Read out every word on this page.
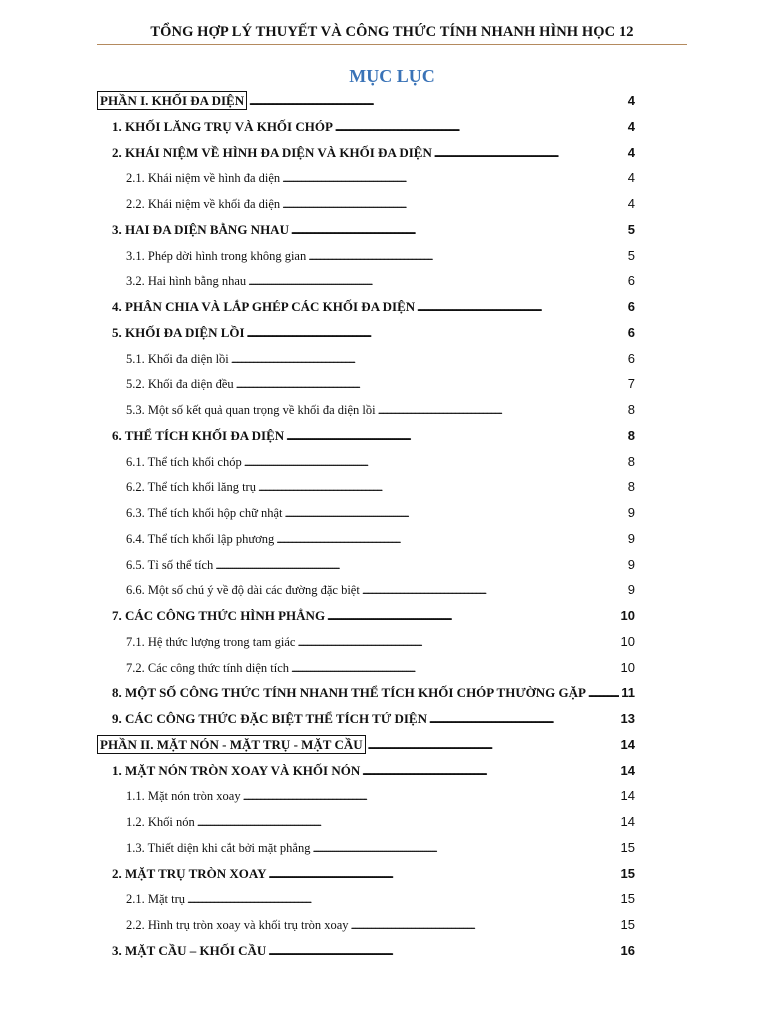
TỔNG HỢP LÝ THUYẾT VÀ CÔNG THỨC TÍNH NHANH HÌNH HỌC 12
MỤC LỤC
PHẦN I. KHỐI ĐA DIỆN . . .	4
1. KHỐI LĂNG TRỤ VÀ KHỐI CHÓP . . .	4
2. KHÁI NIỆM VỀ HÌNH ĐA DIỆN VÀ KHỐI ĐA DIỆN . . .	4
2.1. Khái niệm về hình đa diện . . .	4
2.2. Khái niệm về khối đa diện . . .	4
3. HAI ĐA DIỆN BẰNG NHAU . . .	5
3.1. Phép dời hình trong không gian . . .	5
3.2. Hai hình bằng nhau . . .	6
4. PHÂN CHIA VÀ LẮP GHÉP CÁC KHỐI ĐA DIỆN . . .	6
5. KHỐI ĐA DIỆN LỒI . . .	6
5.1. Khối đa diện lồi . . .	6
5.2. Khối đa diện đều . . .	7
5.3. Một số kết quả quan trọng về khối đa diện lồi . . .	8
6. THỂ TÍCH KHỐI ĐA DIỆN . . .	8
6.1. Thể tích khối chóp . . .	8
6.2. Thể tích khối lăng trụ . . .	8
6.3. Thể tích khối hộp chữ nhật . . .	9
6.4. Thể tích khối lập phương . . .	9
6.5. Tỉ số thể tích . . .	9
6.6. Một số chú ý về độ dài các đường đặc biệt . . .	9
7. CÁC CÔNG THỨC HÌNH PHẲNG . . .	10
7.1. Hệ thức lượng trong tam giác . . .	10
7.2. Các công thức tính diện tích . . .	10
8. MỘT SỐ CÔNG THỨC TÍNH NHANH THỂ TÍCH KHỐI CHÓP THƯỜNG GẶP . . .	11
9. CÁC CÔNG THỨC ĐẶC BIỆT THỂ TÍCH TỨ DIỆN . . .	13
PHẦN II. MẶT NÓN - MẶT TRỤ - MẶT CẦU . . .	14
1. MẶT NÓN TRÒN XOAY VÀ KHỐI NÓN . . .	14
1.1. Mặt nón tròn xoay . . .	14
1.2. Khối nón . . .	14
1.3. Thiết diện khi cắt bởi mặt phẳng . . .	15
2. MẶT TRỤ TRÒN XOAY . . .	15
2.1. Mặt trụ . . .	15
2.2. Hình trụ tròn xoay và khối trụ tròn xoay . . .	15
3. MẶT CẦU – KHỐI CẦU . . .	16
